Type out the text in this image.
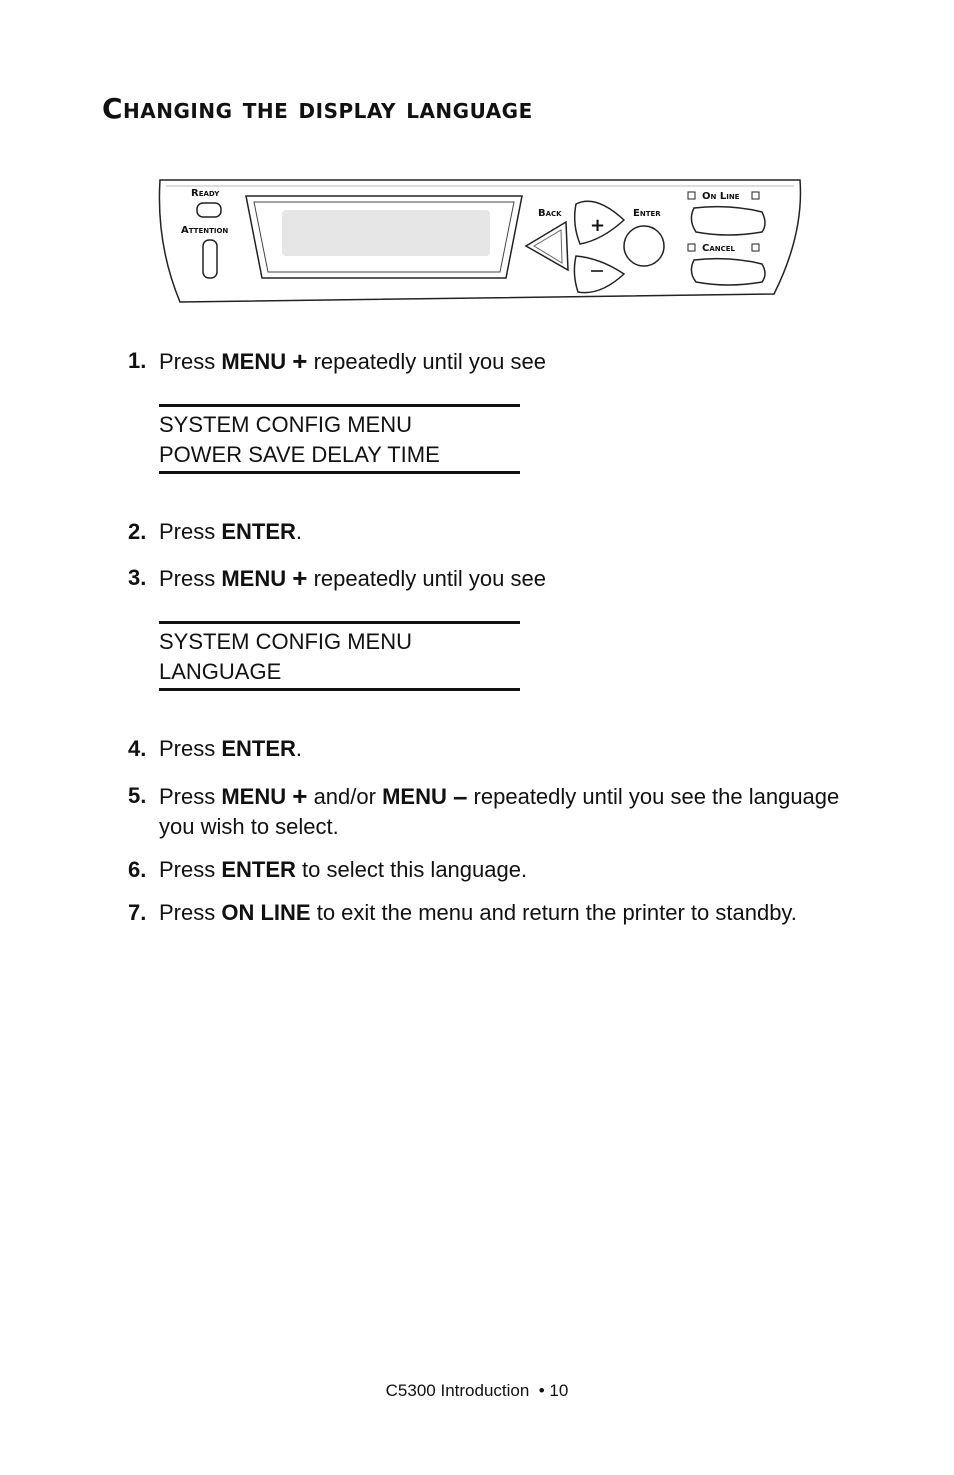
Changing the display language
Ready
Attention
Back	Enter
+
On Line
Cancel
1. Press MENU + repeatedly until you see
SYSTEM CONFIG MENU
POWER SAVE DELAY TIME
2. Press ENTER.
3. Press MENU + repeatedly until you see
SYSTEM CONFIG MENU
LANGUAGE
4. Press ENTER.
5. Press MENU + and/or MENU – repeatedly until you see the language you wish to select.
6. Press ENTER to select this language.
7. Press ON LINE to exit the menu and return the printer to standby.
C5300 Introduction  • 10
